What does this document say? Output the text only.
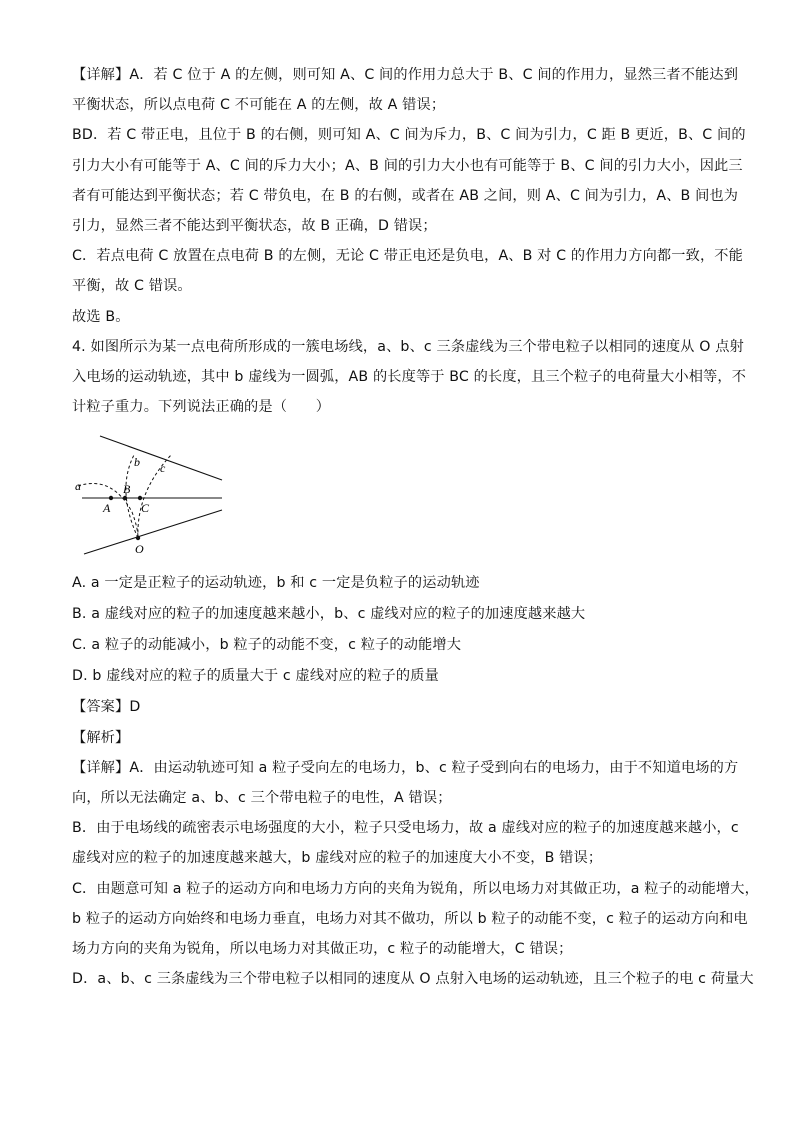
【详解】A．若 C 位于 A 的左侧，则可知 A、C 间的作用力总大于 B、C 间的作用力，显然三者不能达到

平衡状态，所以点电荷 C 不可能在 A 的左侧，故 A 错误；

BD．若 C 带正电，且位于 B 的右侧，则可知 A、C 间为斥力，B、C 间为引力，C 距 B 更近，B、C 间的

引力大小有可能等于 A、C 间的斥力大小；A、B 间的引力大小也有可能等于 B、C 间的引力大小，因此三

者有可能达到平衡状态；若 C 带负电，在 B 的右侧，或者在 AB 之间，则 A、C 间为引力，A、B 间也为

引力，显然三者不能达到平衡状态，故 B 正确，D 错误；

C．若点电荷 C 放置在点电荷 B 的左侧，无论 C 带正电还是负电，A、B 对 C 的作用力方向都一致，不能

平衡，故 C 错误。

故选 B。

4. 如图所示为某一点电荷所形成的一簇电场线，a、b、c 三条虚线为三个带电粒子以相同的速度从 O 点射

入电场的运动轨迹，其中 b 虚线为一圆弧，AB 的长度等于 BC 的长度，且三个粒子的电荷量大小相等，不

计粒子重力。下列说法正确的是（　　）

a
b c
A
B
C
O

A. a 一定是正粒子的运动轨迹，b 和 c 一定是负粒子的运动轨迹

B. a 虚线对应的粒子的加速度越来越小，b、c 虚线对应的粒子的加速度越来越大

C. a 粒子的动能减小，b 粒子的动能不变，c 粒子的动能增大

D. b 虚线对应的粒子的质量大于 c 虚线对应的粒子的质量

【答案】D

【解析】

【详解】A．由运动轨迹可知 a 粒子受向左的电场力，b、c 粒子受到向右的电场力，由于不知道电场的方

向，所以无法确定 a、b、c 三个带电粒子的电性，A 错误；

B．由于电场线的疏密表示电场强度的大小，粒子只受电场力，故 a 虚线对应的粒子的加速度越来越小，c

虚线对应的粒子的加速度越来越大，b 虚线对应的粒子的加速度大小不变，B 错误；

C．由题意可知 a 粒子的运动方向和电场力方向的夹角为锐角，所以电场力对其做正功，a 粒子的动能增大，

b 粒子的运动方向始终和电场力垂直，电场力对其不做功，所以 b 粒子的动能不变，c 粒子的运动方向和电

场力方向的夹角为锐角，所以电场力对其做正功，c 粒子的动能增大，C 错误；

D．a、b、c 三条虚线为三个带电粒子以相同的速度从 O 点射入电场的运动轨迹，且三个粒子的电 c 荷量大
